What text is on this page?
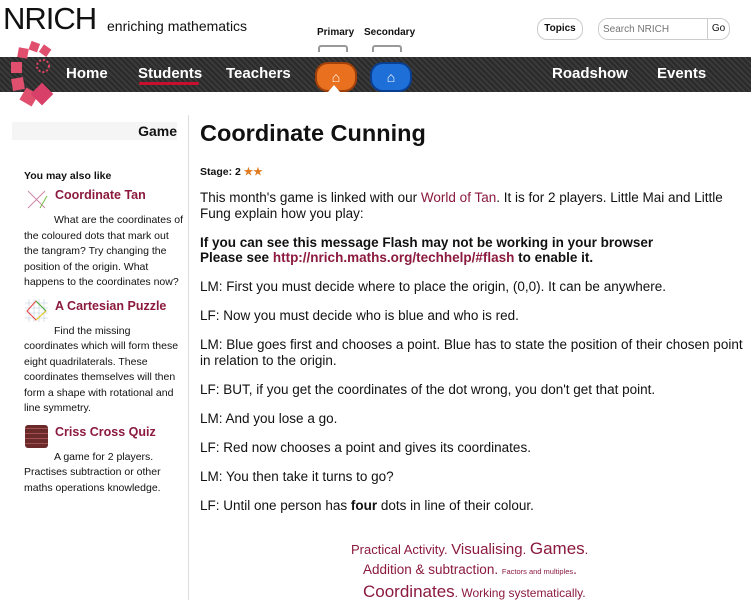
NRICH enriching mathematics	Primary Secondary	Topics
Search NRICH	Go
Home Students Teachers	⌂	⌂	Roadshow Events
Game
You may also like
Coordinate Tan
What are the coordinates of the coloured dots that mark out the tangram? Try changing the position of the origin. What happens to the coordinates now?
A Cartesian Puzzle
Find the missing coordinates which will form these eight quadrilaterals. These coordinates themselves will then form a shape with rotational and line symmetry.
Criss Cross Quiz
A game for 2 players. Practises subtraction or other maths operations knowledge.
Coordinate Cunning
Stage: 2 ★★
This month's game is linked with our World of Tan. It is for 2 players. Little Mai and Little Fung explain how you play:
If you can see this message Flash may not be working in your browser
Please see http://nrich.maths.org/techhelp/#flash to enable it.
LM: First you must decide where to place the origin, (0,0). It can be anywhere.
LF: Now you must decide who is blue and who is red.
LM: Blue goes first and chooses a point. Blue has to state the position of their chosen point in relation to the origin.
LF: BUT, if you get the coordinates of the dot wrong, you don't get that point.
LM: And you lose a go.
LF: Red now chooses a point and gives its coordinates.
LM: You then take it turns to go?
LF: Until one person has four dots in line of their colour.
Practical Activity. Visualising. Games.
Addition & subtraction. Factors and multiples.
Coordinates. Working systematically.
